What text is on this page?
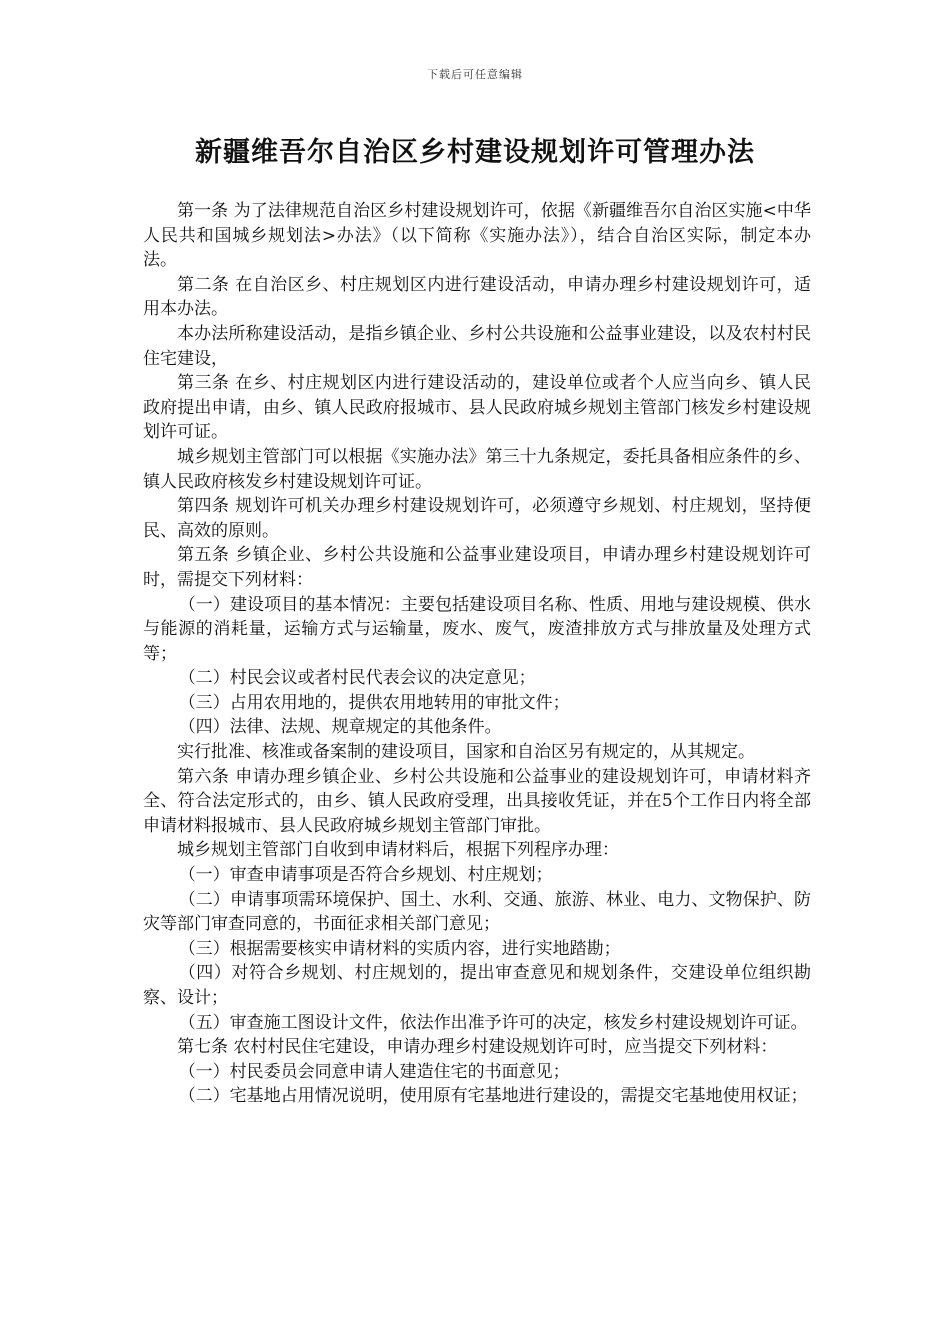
下载后可任意编辑
新疆维吾尔自治区乡村建设规划许可管理办法

第一条 为了法律规范自治区乡村建设规划许可，依据《新疆维吾尔自治区实施<中华人民共和国城乡规划法>办法》（以下简称《实施办法》），结合自治区实际，制定本办法。

第二条 在自治区乡、村庄规划区内进行建设活动，申请办理乡村建设规划许可，适用本办法。

本办法所称建设活动，是指乡镇企业、乡村公共设施和公益事业建设，以及农村村民住宅建设，

第三条 在乡、村庄规划区内进行建设活动的，建设单位或者个人应当向乡、镇人民政府提出申请，由乡、镇人民政府报城市、县人民政府城乡规划主管部门核发乡村建设规划许可证。

城乡规划主管部门可以根据《实施办法》第三十九条规定，委托具备相应条件的乡、镇人民政府核发乡村建设规划许可证。

第四条 规划许可机关办理乡村建设规划许可，必须遵守乡规划、村庄规划，坚持便民、高效的原则。

第五条 乡镇企业、乡村公共设施和公益事业建设项目，申请办理乡村建设规划许可时，需提交下列材料：

（一）建设项目的基本情况：主要包括建设项目名称、性质、用地与建设规模、供水与能源的消耗量，运输方式与运输量，废水、废气，废渣排放方式与排放量及处理方式等；

（二）村民会议或者村民代表会议的决定意见；

（三）占用农用地的，提供农用地转用的审批文件；

（四）法律、法规、规章规定的其他条件。

实行批准、核准或备案制的建设项目，国家和自治区另有规定的，从其规定。

第六条 申请办理乡镇企业、乡村公共设施和公益事业的建设规划许可，申请材料齐全、符合法定形式的，由乡、镇人民政府受理，出具接收凭证，并在5个工作日内将全部申请材料报城市、县人民政府城乡规划主管部门审批。

城乡规划主管部门自收到申请材料后，根据下列程序办理：

（一）审查申请事项是否符合乡规划、村庄规划；

（二）申请事项需环境保护、国土、水利、交通、旅游、林业、电力、文物保护、防灾等部门审查同意的，书面征求相关部门意见；

（三）根据需要核实申请材料的实质内容，进行实地踏勘；

（四）对符合乡规划、村庄规划的，提出审查意见和规划条件，交建设单位组织勘察、设计；

（五）审查施工图设计文件，依法作出准予许可的决定，核发乡村建设规划许可证。

第七条 农村村民住宅建设，申请办理乡村建设规划许可时，应当提交下列材料：

（一）村民委员会同意申请人建造住宅的书面意见；

（二）宅基地占用情况说明，使用原有宅基地进行建设的，需提交宅基地使用权证；
